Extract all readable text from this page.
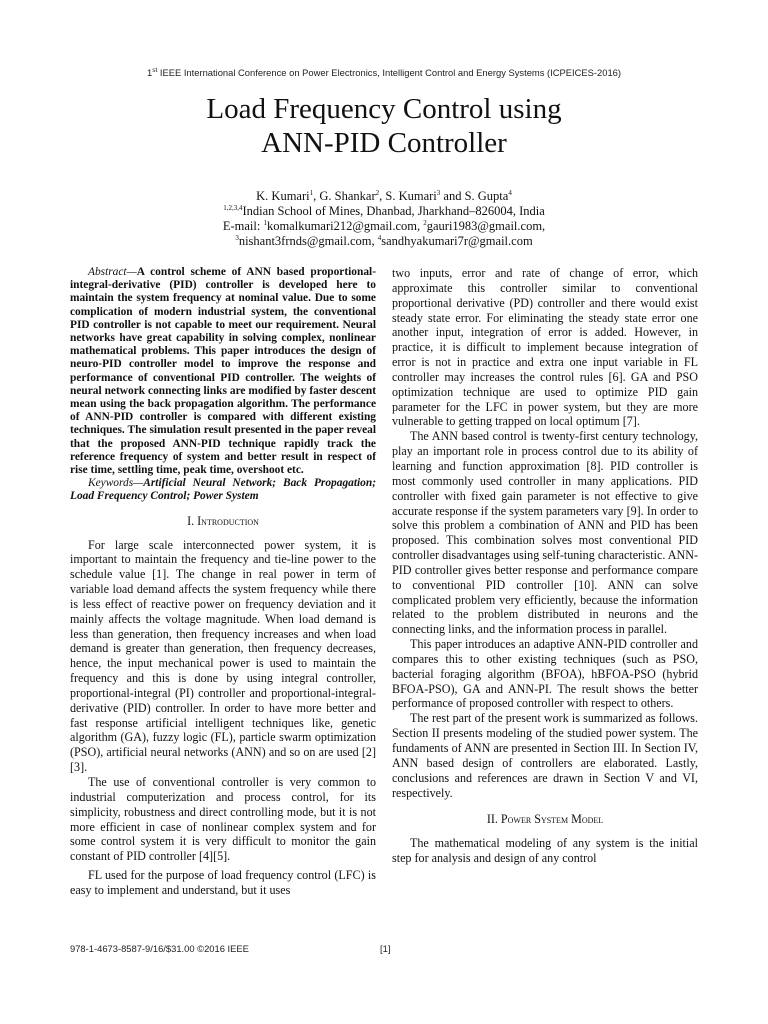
1st IEEE International Conference on Power Electronics, Intelligent Control and Energy Systems (ICPEICES-2016)
Load Frequency Control using
ANN-PID Controller
K. Kumari$^1$, G. Shankar$^2$, S. Kumari$^3$ and S. Gupta$^4$
$^{1,2,3,4}$Indian School of Mines, Dhanbad, Jharkhand–826004, India
E-mail: $^1$komalkumari212@gmail.com, $^2$gauri1983@gmail.com,
$^3$nishant3frnds@gmail.com, $^4$sandhyakumari7r@gmail.com

Abstract—A control scheme of ANN based proportional-integral-derivative (PID) controller is developed here to maintain the system frequency at nominal value. Due to some complication of modern industrial system, the conventional PID controller is not capable to meet our requirement. Neural networks have great capability in solving complex, nonlinear mathematical problems. This paper introduces the design of neuro-PID controller model to improve the response and performance of conventional PID controller. The weights of neural network connecting links are modified by faster descent mean using the back propagation algorithm. The performance of ANN-PID controller is compared with different existing techniques. The simulation result presented in the paper reveal that the proposed ANN-PID technique rapidly track the reference frequency of system and better result in respect of rise time, settling time, peak time, overshoot etc.

Keywords—Artificial Neural Network; Back Propagation; Load Frequency Control; Power System

I. Introduction

For large scale interconnected power system, it is important to maintain the frequency and tie-line power to the schedule value [1]. The change in real power in term of variable load demand affects the system frequency while there is less effect of reactive power on frequency deviation and it mainly affects the voltage magnitude. When load demand is less than generation, then frequency increases and when load demand is greater than generation, then frequency decreases, hence, the input mechanical power is used to maintain the frequency and this is done by using integral controller, proportional-integral (PI) controller and proportional-integral-derivative (PID) controller. In order to have more better and fast response artificial intelligent techniques like, genetic algorithm (GA), fuzzy logic (FL), particle swarm optimization (PSO), artificial neural networks (ANN) and so on are used [2][3].

The use of conventional controller is very common to industrial computerization and process control, for its simplicity, robustness and direct controlling mode, but it is not more efficient in case of nonlinear complex system and for some control system it is very difficult to monitor the gain constant of PID controller [4][5].

FL used for the purpose of load frequency control (LFC) is easy to implement and understand, but it uses

two inputs, error and rate of change of error, which approximate this controller similar to conventional proportional derivative (PD) controller and there would exist steady state error. For eliminating the steady state error one another input, integration of error is added. However, in practice, it is difficult to implement because integration of error is not in practice and extra one input variable in FL controller may increases the control rules [6]. GA and PSO optimization technique are used to optimize PID gain parameter for the LFC in power system, but they are more vulnerable to getting trapped on local optimum [7].

The ANN based control is twenty-first century technology, play an important role in process control due to its ability of learning and function approximation [8]. PID controller is most commonly used controller in many applications. PID controller with fixed gain parameter is not effective to give accurate response if the system parameters vary [9]. In order to solve this problem a combination of ANN and PID has been proposed. This combination solves most conventional PID controller disadvantages using self-tuning characteristic. ANN-PID controller gives better response and performance compare to conventional PID controller [10]. ANN can solve complicated problem very efficiently, because the information related to the problem distributed in neurons and the connecting links, and the information process in parallel.

This paper introduces an adaptive ANN-PID controller and compares this to other existing techniques (such as PSO, bacterial foraging algorithm (BFOA), hBFOA-PSO (hybrid BFOA-PSO), GA and ANN-PI. The result shows the better performance of proposed controller with respect to others.

The rest part of the present work is summarized as follows. Section II presents modeling of the studied power system. The fundaments of ANN are presented in Section III. In Section IV, ANN based design of controllers are elaborated. Lastly, conclusions and references are drawn in Section V and VI, respectively.

II. Power System Model

The mathematical modeling of any system is the initial step for analysis and design of any control

978-1-4673-8587-9/16/$31.00 ©2016 IEEE	[1]
